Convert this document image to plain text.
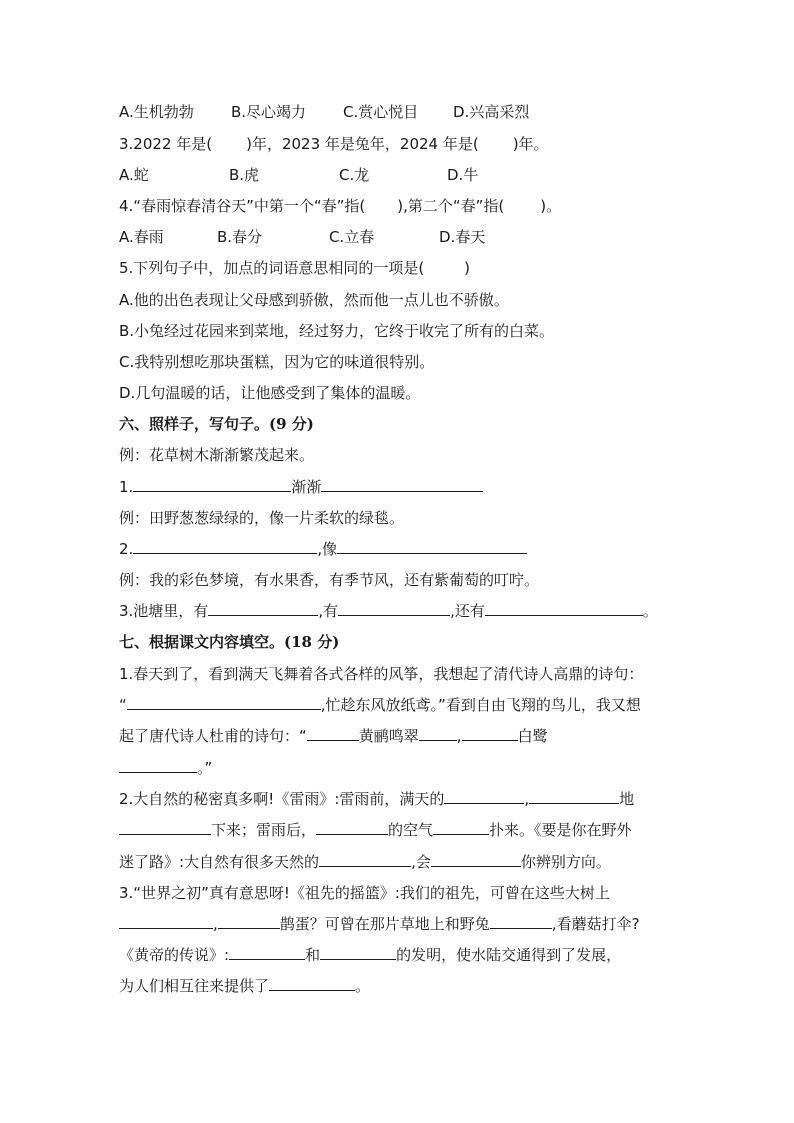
A.生机勃勃 B.尽心竭力 C.赏心悦目 D.兴高采烈
3.2022 年是( )年，2023 年是兔年，2024 年是( )年。
A.蛇	B.虎	C.龙	D.牛
4.“春雨惊春清谷天”中第一个“春”指( ),第二个“春”指( )。
A.春雨	B.春分	C.立春	D.春天
5.下列句子中，加点的词语意思相同的一项是(	)
A.他的出色表现让父母感到骄傲，然而他一点儿也不骄傲。
B.小兔经过花园来到菜地，经过努力，它终于收完了所有的白菜。
C.我特别想吃那块蛋糕，因为它的味道很特别。
D.几句温暖的话，让他感受到了集体的温暖。
六、照样子，写句子。(9 分)
例：花草树木渐渐繁茂起来。
1.	渐渐
例：田野葱葱绿绿的，像一片柔软的绿毯。
2.	,像
例：我的彩色梦境，有水果香，有季节风，还有紫葡萄的叮咛。
3.池塘里，有	,有	,还有	。
七、根据课文内容填空。(18 分)
1.春天到了，看到满天飞舞着各式各样的风筝，我想起了清代诗人高鼎的诗句：
“	,忙趁东风放纸鸢。”看到自由飞翔的鸟儿，我又想
起了唐代诗人杜甫的诗句：“	黄鹂鸣翠	,	白鹭
。”
2.大自然的秘密真多啊!《雷雨》:雷雨前，满天的	,	地
下来；雷雨后，	的空气	扑来。《要是你在野外
迷了路》:大自然有很多天然的	,会	你辨别方向。
3.“世界之初”真有意思呀!《祖先的摇篮》:我们的祖先，可曾在这些大树上
,	鹊蛋？可曾在那片草地上和野兔	,看蘑菇打伞?
《黄帝的传说》:	和	的发明，使水陆交通得到了发展，
为人们相互往来提供了	。
